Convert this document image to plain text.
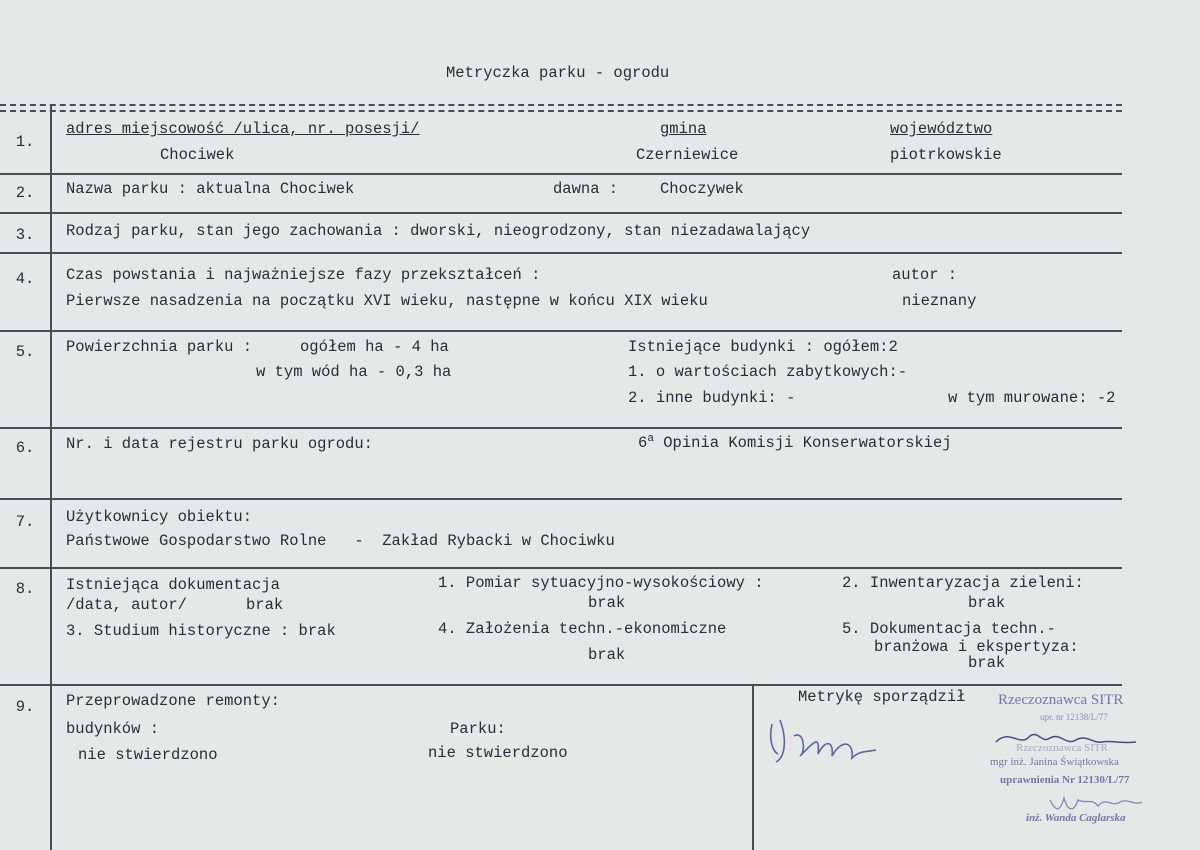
Metryczka parku - ogrodu
1.
adres miejscowość /ulica, nr. posesji/
Chociwek
gmina
Czerniewice
województwo
piotrkowskie
2.	Nazwa parku : aktualna Chociwek	dawna :	Choczywek
3.	Rodzaj parku, stan jego zachowania : dworski, nieogrodzony, stan niezadawalający
4.	Czas powstania i najważniejsze fazy przekształceń :
Pierwsze nasadzenia na początku XVI wieku, następne w końcu XIX wieku
autor :
nieznany
5.	Powierzchnia parku :	ogółem ha - 4 ha
w tym wód ha - 0,3 ha
Istniejące budynki : ogółem:2
1. o wartościach zabytkowych:-
2. inne budynki: -	w tym murowane: -2
6.	Nr. i data rejestru parku ogrodu:	6$^a$ Opinia Komisji Konserwatorskiej
7.	Użytkownicy obiektu:
Państwowe Gospodarstwo Rolne   -  Zakład Rybacki w Chociwku
8.	Istniejąca dokumentacja
/data, autor/	brak
3. Studium historyczne : brak
1. Pomiar sytuacyjno-wysokościowy :
brak
4. Założenia techn.-ekonomiczne
brak
2. Inwentaryzacja zieleni:
brak
5. Dokumentacja techn.-
branżowa i ekspertyza:
brak
9.	Przeprowadzone remonty:
budynków :
nie stwierdzono
Parku:
nie stwierdzono
Metrykę sporządził Rzeczoznawca SITR
upr. nr 12138/L/77
Rzeczoznawca SITR
mgr inż. Janina Świątkowska
uprawnienia Nr 12130/L/77
inż. Wanda Caglarska
